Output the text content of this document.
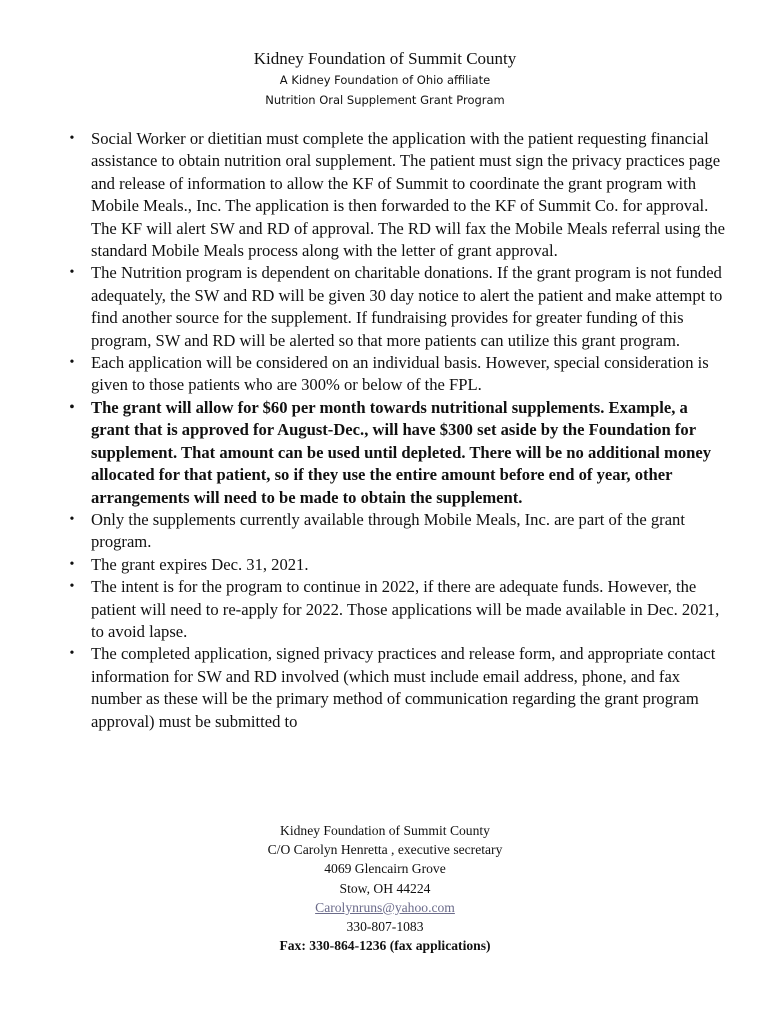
Kidney Foundation of Summit County
A Kidney Foundation of Ohio affiliate
Nutrition Oral Supplement Grant Program
• Social Worker or dietitian must complete the application with the patient requesting financial assistance to obtain nutrition oral supplement. The patient must sign the privacy practices page and release of information to allow the KF of Summit to coordinate the grant program with Mobile Meals., Inc. The application is then forwarded to the KF of Summit Co. for approval. The KF will alert SW and RD of approval. The RD will fax the Mobile Meals referral using the standard Mobile Meals process along with the letter of grant approval.
• The Nutrition program is dependent on charitable donations. If the grant program is not funded adequately, the SW and RD will be given 30 day notice to alert the patient and make attempt to find another source for the supplement. If fundraising provides for greater funding of this program, SW and RD will be alerted so that more patients can utilize this grant program.
• Each application will be considered on an individual basis. However, special consideration is given to those patients who are 300% or below of the FPL.
• The grant will allow for $60 per month towards nutritional supplements. Example, a grant that is approved for August-Dec., will have $300 set aside by the Foundation for supplement. That amount can be used until depleted. There will be no additional money allocated for that patient, so if they use the entire amount before end of year, other arrangements will need to be made to obtain the supplement.
• Only the supplements currently available through Mobile Meals, Inc. are part of the grant program.
• The grant expires Dec. 31, 2021.
• The intent is for the program to continue in 2022, if there are adequate funds. However, the patient will need to re-apply for 2022. Those applications will be made available in Dec. 2021, to avoid lapse.
• The completed application, signed privacy practices and release form, and appropriate contact information for SW and RD involved (which must include email address, phone, and fax number as these will be the primary method of communication regarding the grant program approval) must be submitted to
Kidney Foundation of Summit County
C/O Carolyn Henretta , executive secretary
4069 Glencairn Grove
Stow, OH 44224
Carolynruns@yahoo.com
330-807-1083
Fax: 330-864-1236 (fax applications)
